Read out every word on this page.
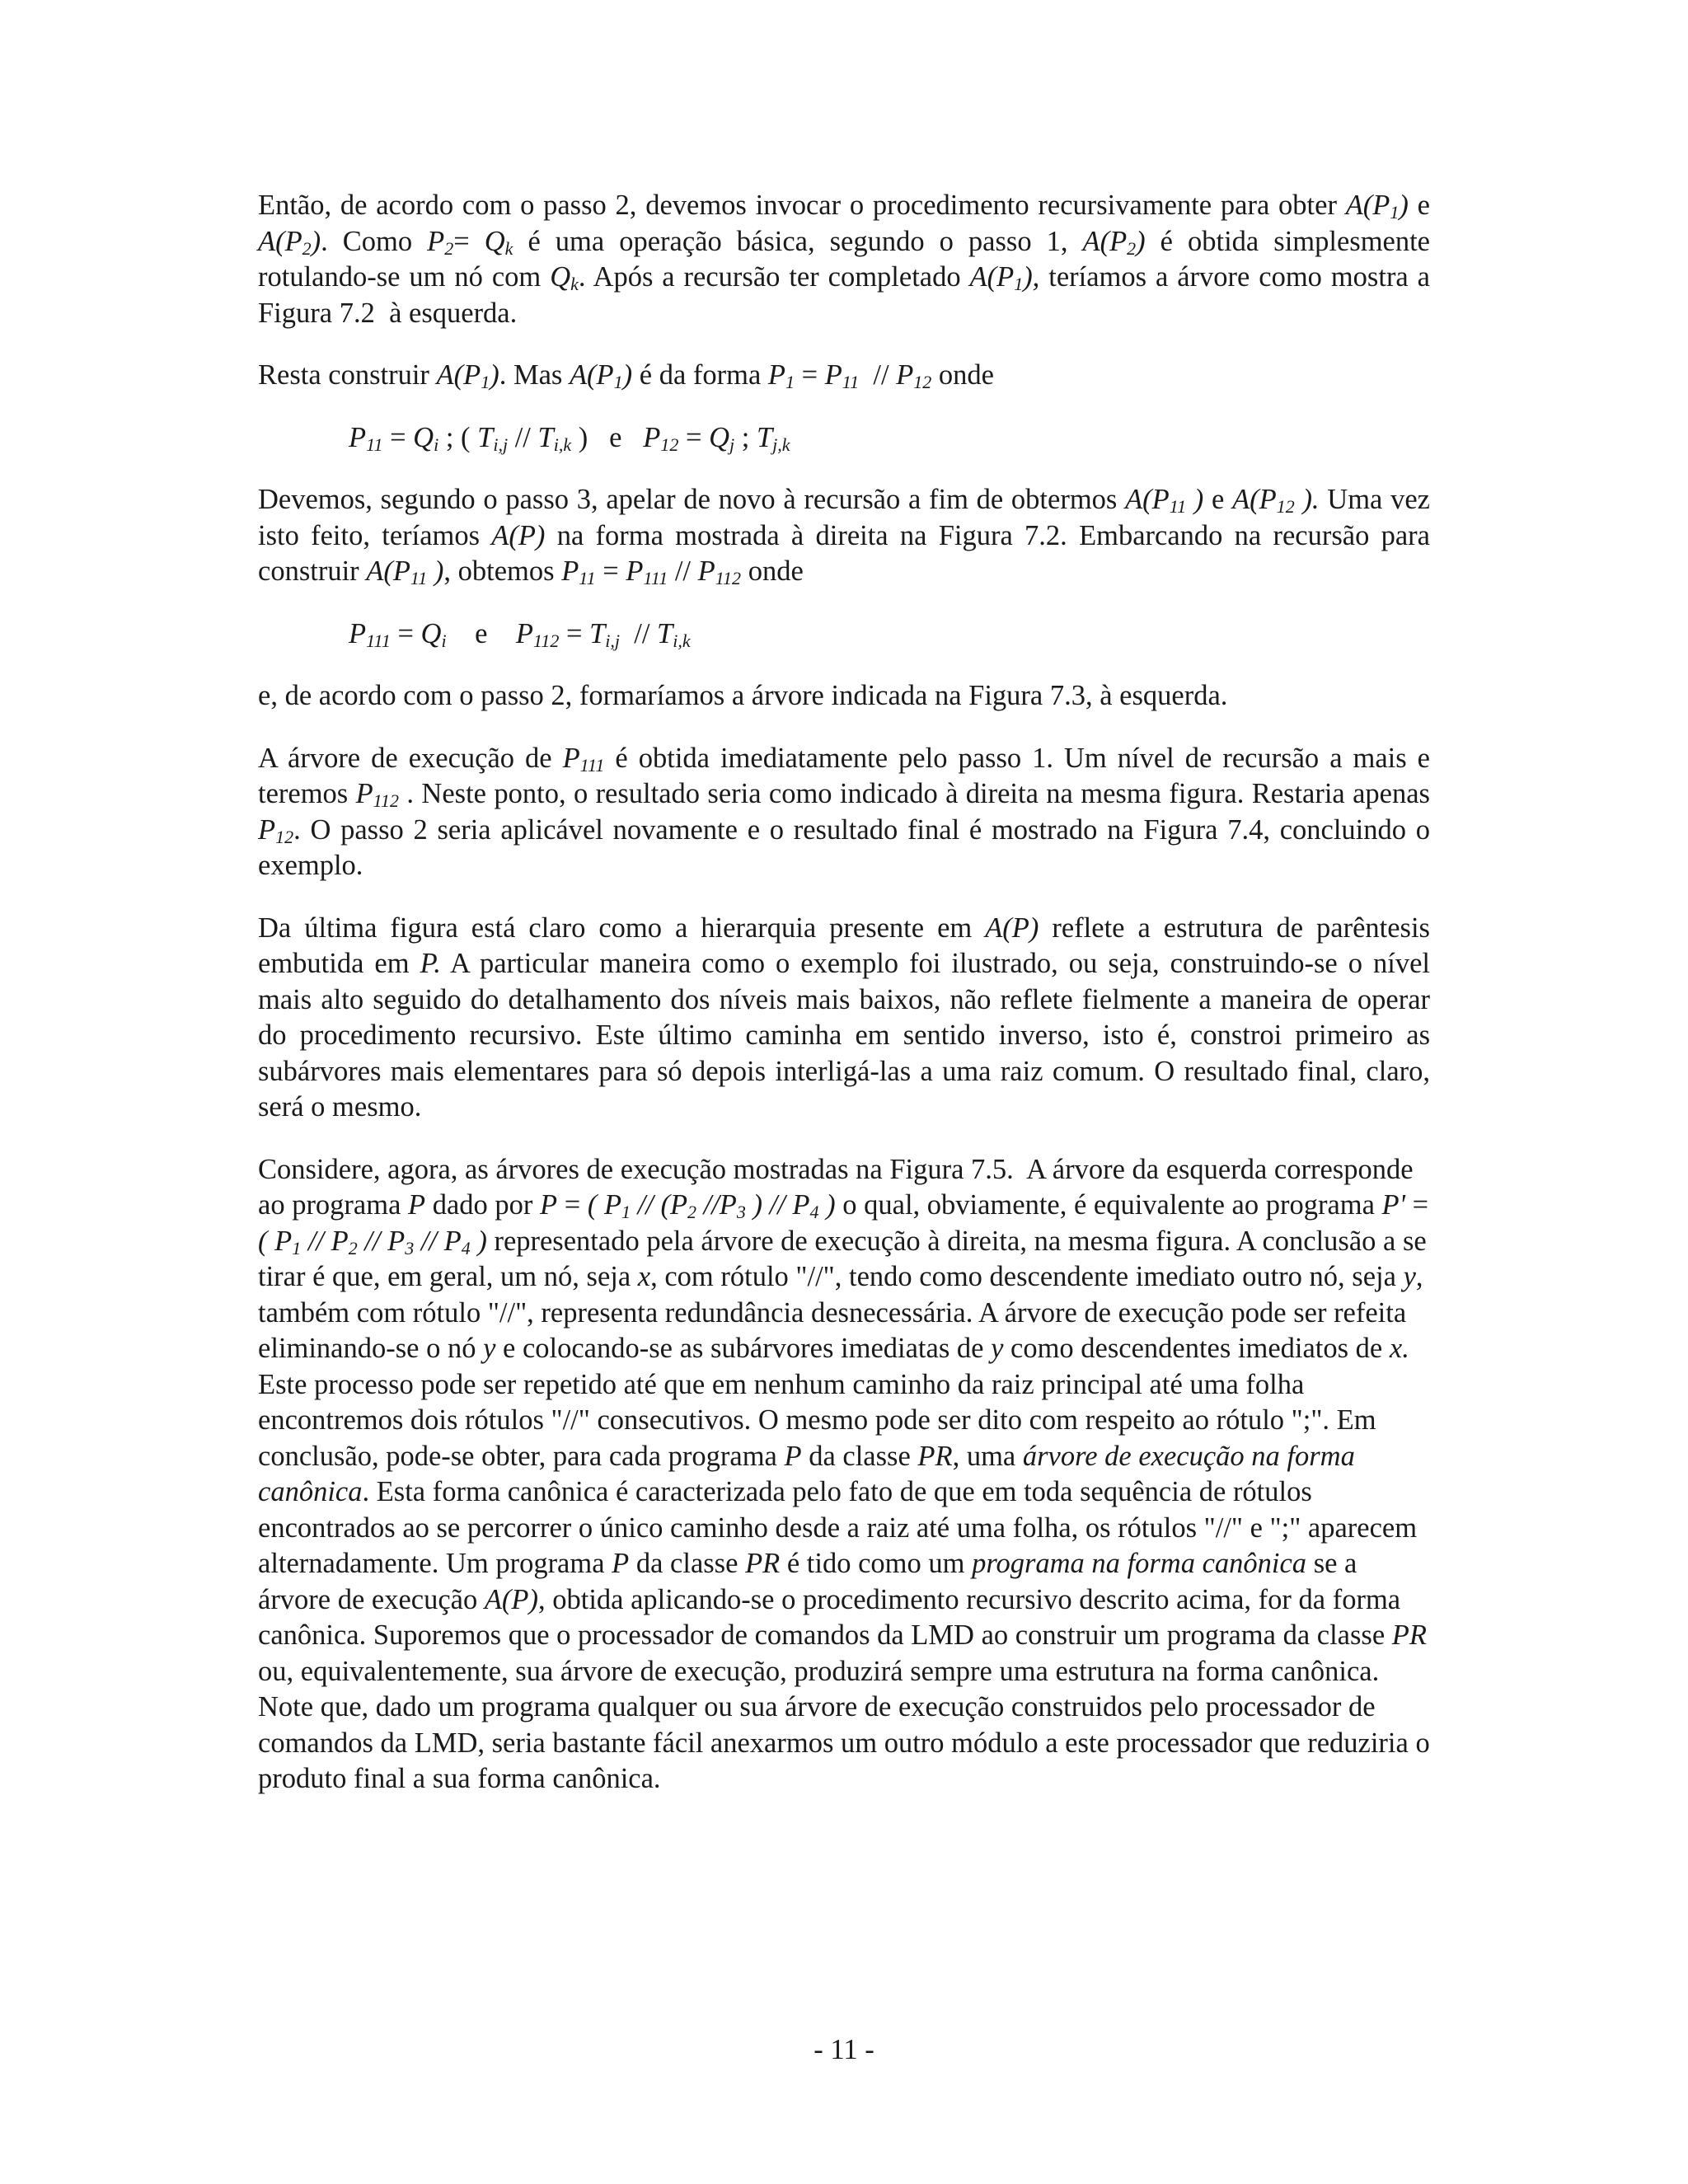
Então, de acordo com o passo 2, devemos invocar o procedimento recursivamente para obter $A(P_1)$ e $A(P_2)$. Como $P_2= Q_k$ é uma operação básica, segundo o passo 1, $A(P_2)$ é obtida simplesmente rotulando-se um nó com $Q_k$. Após a recursão ter completado $A(P_1)$, teríamos a árvore como mostra a Figura 7.2  à esquerda.

Resta construir $A(P_1)$. Mas $A(P_1)$ é da forma $P_1 = P_{11} // P_{12}$ onde

$P_{11} = Q_i$ ; ( $T_{i,j} // T_{i,k}$ )   e   $P_{12} = Q_j$ ; $T_{j,k}$

Devemos, segundo o passo 3, apelar de novo à recursão a fim de obtermos $A(P_{11}$ ) e $A(P_{12}$ ). Uma vez isto feito, teríamos A(P) na forma mostrada à direita na Figura 7.2. Embarcando na recursão para construir $A(P_{11}$ ), obtemos $P_{11} = P_{111} // P_{112}$ onde

$P_{111} = Q_i$    e    $P_{112} = T_{i,j} // T_{i,k}$

e, de acordo com o passo 2, formaríamos a árvore indicada na Figura 7.3, à esquerda.

A árvore de execução de $P_{111}$ é obtida imediatamente pelo passo 1. Um nível de recursão a mais e teremos $P_{112}$ . Neste ponto, o resultado seria como indicado à direita na mesma figura. Restaria apenas $P_{12}$. O passo 2 seria aplicável novamente e o resultado final é mostrado na Figura 7.4, concluindo o exemplo.

Da última figura está claro como a hierarquia presente em A(P) reflete a estrutura de parêntesis embutida em P. A particular maneira como o exemplo foi ilustrado, ou seja, construindo-se o nível mais alto seguido do detalhamento dos níveis mais baixos, não reflete fielmente a maneira de operar do procedimento recursivo. Este último caminha em sentido inverso, isto é, constroi primeiro as subárvores mais elementares para só depois interligá-las a uma raiz comum. O resultado final, claro, será o mesmo.

Considere, agora, as árvores de execução mostradas na Figura 7.5.  A árvore da esquerda corresponde ao programa P dado por P = ( $P_1 // (P_2$ $//P_3$ ) // $P_4$ ) o qual, obviamente, é equivalente ao programa P' = ( $P_1 // P_2 // P_3 // P_4$ ) representado pela árvore de execução à direita, na mesma figura. A conclusão a se tirar é que, em geral, um nó, seja x, com rótulo "//", tendo como descendente imediato outro nó, seja y, também com rótulo "//", representa redundância desnecessária. A árvore de execução pode ser refeita eliminando-se o nó y e colocando-se as subárvores imediatas de y como descendentes imediatos de x. Este processo pode ser repetido até que em nenhum caminho da raiz principal até uma folha encontremos dois rótulos "//" consecutivos. O mesmo pode ser dito com respeito ao rótulo ";". Em conclusão, pode-se obter, para cada programa P da classe PR, uma árvore de execução na forma canônica. Esta forma canônica é caracterizada pelo fato de que em toda sequência de rótulos encontrados ao se percorrer o único caminho desde a raiz até uma folha, os rótulos "//" e ";" aparecem alternadamente. Um programa P da classe PR é tido como um programa na forma canônica se a árvore de execução A(P), obtida aplicando-se o procedimento recursivo descrito acima, for da forma canônica. Suporemos que o processador de comandos da LMD ao construir um programa da classe PR ou, equivalentemente, sua árvore de execução, produzirá sempre uma estrutura na forma canônica. Note que, dado um programa qualquer ou sua árvore de execução construidos pelo processador de comandos da LMD, seria bastante fácil anexarmos um outro módulo a este processador que reduziria o produto final a sua forma canônica.

- 11 -
